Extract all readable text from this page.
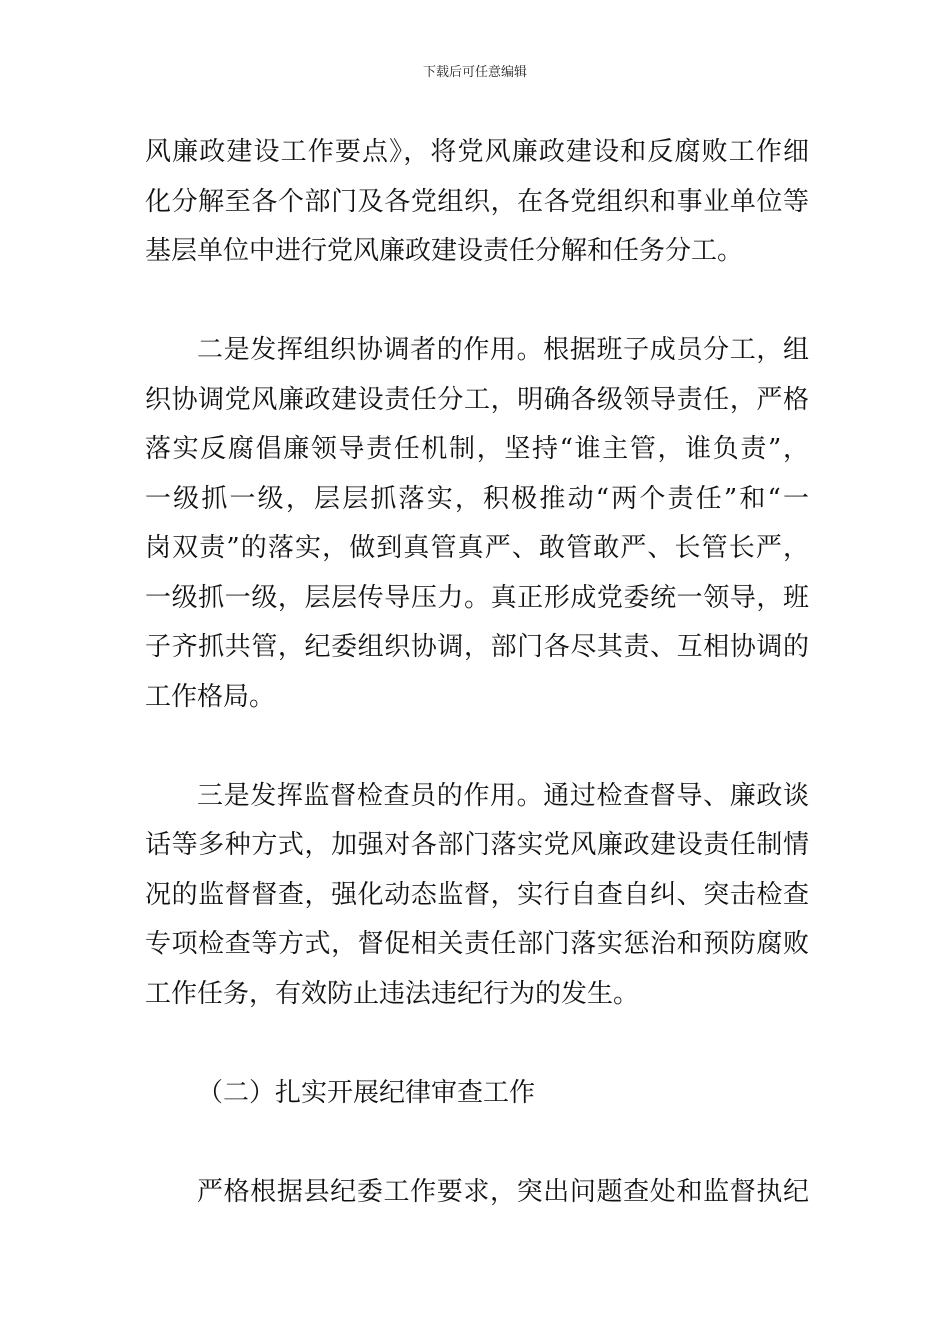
下载后可任意编辑
风廉政建设工作要点》，将党风廉政建设和反腐败工作细
化分解至各个部门及各党组织，在各党组织和事业单位等
基层单位中进行党风廉政建设责任分解和任务分工。
二是发挥组织协调者的作用。根据班子成员分工，组
织协调党风廉政建设责任分工，明确各级领导责任，严格
落实反腐倡廉领导责任机制，坚持“谁主管，谁负责”，
一级抓一级，层层抓落实，积极推动“两个责任”和“一
岗双责”的落实，做到真管真严、敢管敢严、长管长严，
一级抓一级，层层传导压力。真正形成党委统一领导，班
子齐抓共管，纪委组织协调，部门各尽其责、互相协调的
工作格局。
三是发挥监督检查员的作用。通过检查督导、廉政谈
话等多种方式，加强对各部门落实党风廉政建设责任制情
况的监督督查，强化动态监督，实行自查自纠、突击检查
专项检查等方式，督促相关责任部门落实惩治和预防腐败
工作任务，有效防止违法违纪行为的发生。
（二）扎实开展纪律审查工作
严格根据县纪委工作要求，突出问题查处和监督执纪
